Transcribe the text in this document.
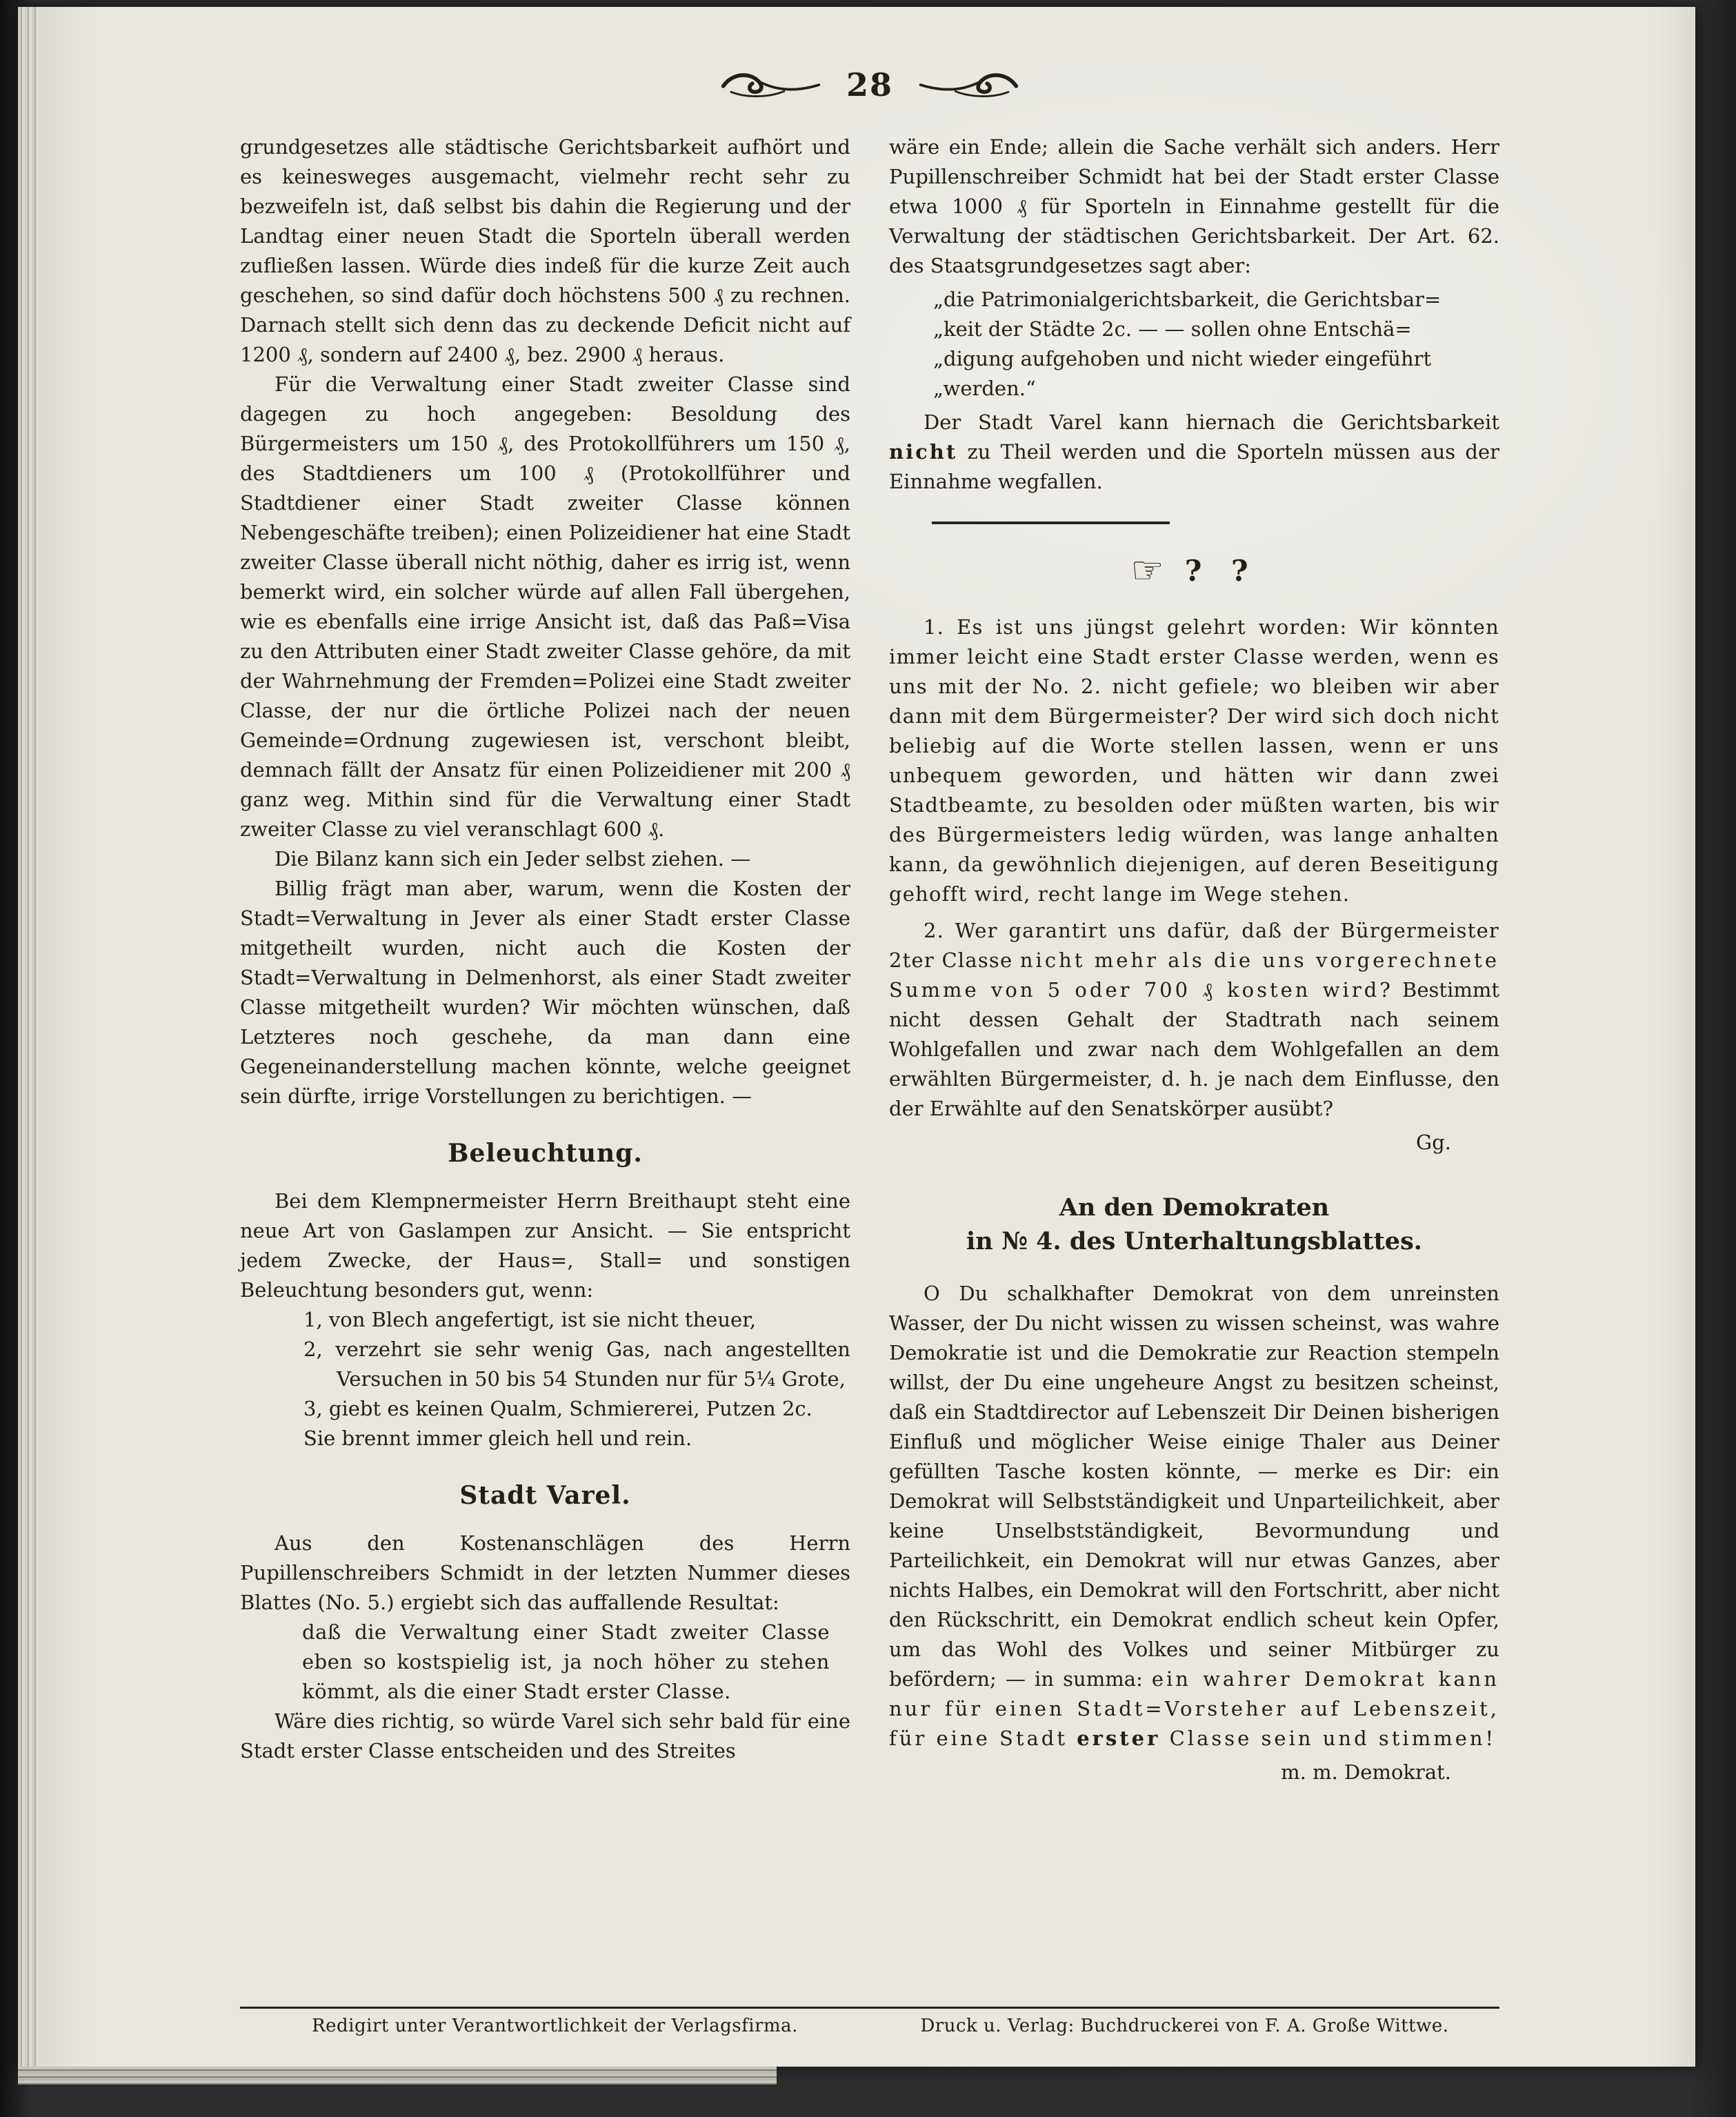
28

grundgesetzes alle städtische Gerichtsbarkeit aufhört und es keinesweges ausgemacht, vielmehr recht sehr zu bezweifeln ist, daß selbst bis dahin die Regierung und der Landtag einer neuen Stadt die Sporteln überall werden zufließen lassen. Würde dies indeß für die kurze Zeit auch geschehen, so sind dafür doch höchstens 500 ₰ zu rechnen. Darnach stellt sich denn das zu deckende Deficit nicht auf 1200 ₰, sondern auf 2400 ₰, bez. 2900 ₰ heraus.

Für die Verwaltung einer Stadt zweiter Classe sind dagegen zu hoch angegeben: Besoldung des Bürgermeisters um 150 ₰, des Protokollführers um 150 ₰, des Stadtdieners um 100 ₰ (Protokollführer und Stadtdiener einer Stadt zweiter Classe können Nebengeschäfte treiben); einen Polizeidiener hat eine Stadt zweiter Classe überall nicht nöthig, daher es irrig ist, wenn bemerkt wird, ein solcher würde auf allen Fall übergehen, wie es ebenfalls eine irrige Ansicht ist, daß das Paß=Visa zu den Attributen einer Stadt zweiter Classe gehöre, da mit der Wahrnehmung der Fremden=Polizei eine Stadt zweiter Classe, der nur die örtliche Polizei nach der neuen Gemeinde=Ordnung zugewiesen ist, verschont bleibt, demnach fällt der Ansatz für einen Polizeidiener mit 200 ₰ ganz weg. Mithin sind für die Verwaltung einer Stadt zweiter Classe zu viel veranschlagt 600 ₰.

Die Bilanz kann sich ein Jeder selbst ziehen. —

Billig frägt man aber, warum, wenn die Kosten der Stadt=Verwaltung in Jever als einer Stadt erster Classe mitgetheilt wurden, nicht auch die Kosten der Stadt=Verwaltung in Delmenhorst, als einer Stadt zweiter Classe mitgetheilt wurden? Wir möchten wünschen, daß Letzteres noch geschehe, da man dann eine Gegeneinanderstellung machen könnte, welche geeignet sein dürfte, irrige Vorstellungen zu berichtigen. —

Beleuchtung.

Bei dem Klempnermeister Herrn Breithaupt steht eine neue Art von Gaslampen zur Ansicht. — Sie entspricht jedem Zwecke, der Haus=, Stall= und sonstigen Beleuchtung besonders gut, wenn:

1, von Blech angefertigt, ist sie nicht theuer,

2, verzehrt sie sehr wenig Gas, nach angestellten Versuchen in 50 bis 54 Stunden nur für 5¼ Grote,

3, giebt es keinen Qualm, Schmiererei, Putzen 2c.

Sie brennt immer gleich hell und rein.

Stadt Varel.

Aus den Kostenanschlägen des Herrn Pupillenschreibers Schmidt in der letzten Nummer dieses Blattes (No. 5.) ergiebt sich das auffallende Resultat:

daß die Verwaltung einer Stadt zweiter Classe eben so kostspielig ist, ja noch höher zu stehen kömmt, als die einer Stadt erster Classe.

Wäre dies richtig, so würde Varel sich sehr bald für eine Stadt erster Classe entscheiden und des Streites

wäre ein Ende; allein die Sache verhält sich anders. Herr Pupillenschreiber Schmidt hat bei der Stadt erster Classe etwa 1000 ₰ für Sporteln in Einnahme gestellt für die Verwaltung der städtischen Gerichtsbarkeit. Der Art. 62. des Staatsgrundgesetzes sagt aber:

„die Patrimonialgerichtsbarkeit, die Gerichtsbar=
„keit der Städte 2c. — — sollen ohne Entschä=
„digung aufgehoben und nicht wieder eingeführt
„werden.“

Der Stadt Varel kann hiernach die Gerichtsbarkeit nicht zu Theil werden und die Sporteln müssen aus der Einnahme wegfallen.

☞ ? ?

1. Es ist uns jüngst gelehrt worden: Wir könnten immer leicht eine Stadt erster Classe werden, wenn es uns mit der No. 2. nicht gefiele; wo bleiben wir aber dann mit dem Bürgermeister? Der wird sich doch nicht beliebig auf die Worte stellen lassen, wenn er uns unbequem geworden, und hätten wir dann zwei Stadtbeamte, zu besolden oder müßten warten, bis wir des Bürgermeisters ledig würden, was lange anhalten kann, da gewöhnlich diejenigen, auf deren Beseitigung gehofft wird, recht lange im Wege stehen.

2. Wer garantirt uns dafür, daß der Bürgermeister 2ter Classe nicht mehr als die uns vorgerechnete Summe von 5 oder 700 ₰ kosten wird? Bestimmt nicht dessen Gehalt der Stadtrath nach seinem Wohlgefallen und zwar nach dem Wohlgefallen an dem erwählten Bürgermeister, d. h. je nach dem Einflusse, den der Erwählte auf den Senatskörper ausübt?

Gg.

An den Demokraten
in № 4. des Unterhaltungsblattes.

O Du schalkhafter Demokrat von dem unreinsten Wasser, der Du nicht wissen zu wissen scheinst, was wahre Demokratie ist und die Demokratie zur Reaction stempeln willst, der Du eine ungeheure Angst zu besitzen scheinst, daß ein Stadtdirector auf Lebenszeit Dir Deinen bisherigen Einfluß und möglicher Weise einige Thaler aus Deiner gefüllten Tasche kosten könnte, — merke es Dir: ein Demokrat will Selbstständigkeit und Unparteilichkeit, aber keine Unselbstständigkeit, Bevormundung und Parteilichkeit, ein Demokrat will nur etwas Ganzes, aber nichts Halbes, ein Demokrat will den Fortschritt, aber nicht den Rückschritt, ein Demokrat endlich scheut kein Opfer, um das Wohl des Volkes und seiner Mitbürger zu befördern; — in summa: ein wahrer Demokrat kann nur für einen Stadt=Vorsteher auf Lebenszeit, für eine Stadt erster Classe sein und stimmen!

m. m. Demokrat.

Redigirt unter Verantwortlichkeit der Verlagsfirma.	Druck u. Verlag: Buchdruckerei von F. A. Große Wittwe.
